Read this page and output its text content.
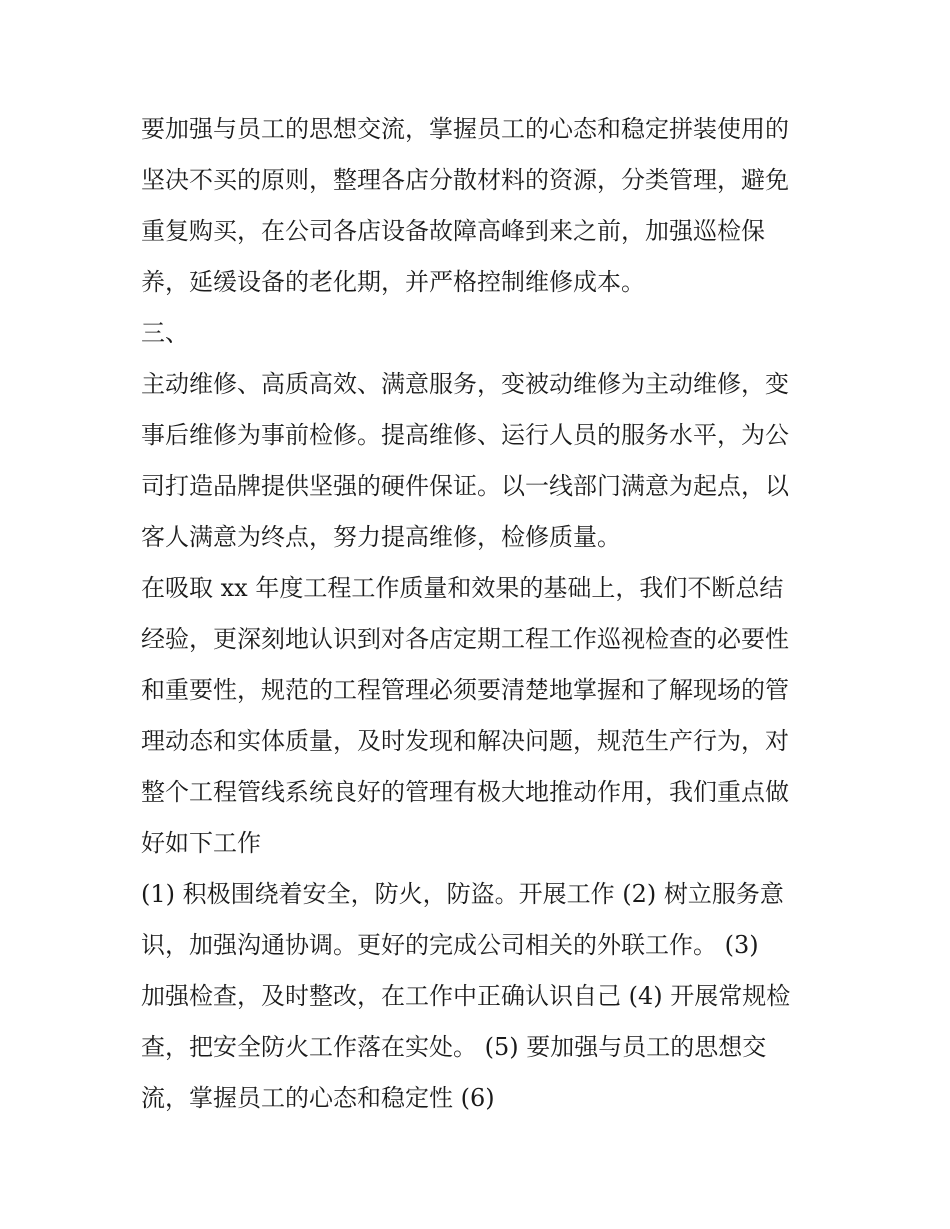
要加强与员工的思想交流，掌握员工的心态和稳定拼装使用的
坚决不买的原则，整理各店分散材料的资源，分类管理，避免
重复购买，在公司各店设备故障高峰到来之前，加强巡检保
养，延缓设备的老化期，并严格控制维修成本。
三、
主动维修、高质高效、满意服务，变被动维修为主动维修，变
事后维修为事前检修。提高维修、运行人员的服务水平，为公
司打造品牌提供坚强的硬件保证。以一线部门满意为起点，以
客人满意为终点，努力提高维修，检修质量。
在吸取 xx 年度工程工作质量和效果的基础上，我们不断总结
经验，更深刻地认识到对各店定期工程工作巡视检查的必要性
和重要性，规范的工程管理必须要清楚地掌握和了解现场的管
理动态和实体质量，及时发现和解决问题，规范生产行为，对
整个工程管线系统良好的管理有极大地推动作用，我们重点做
好如下工作
(1) 积极围绕着安全，防火，防盗。开展工作 (2) 树立服务意
识，加强沟通协调。更好的完成公司相关的外联工作。 (3)
加强检查，及时整改，在工作中正确认识自己 (4) 开展常规检
查，把安全防火工作落在实处。 (5) 要加强与员工的思想交
流，掌握员工的心态和稳定性 (6)
